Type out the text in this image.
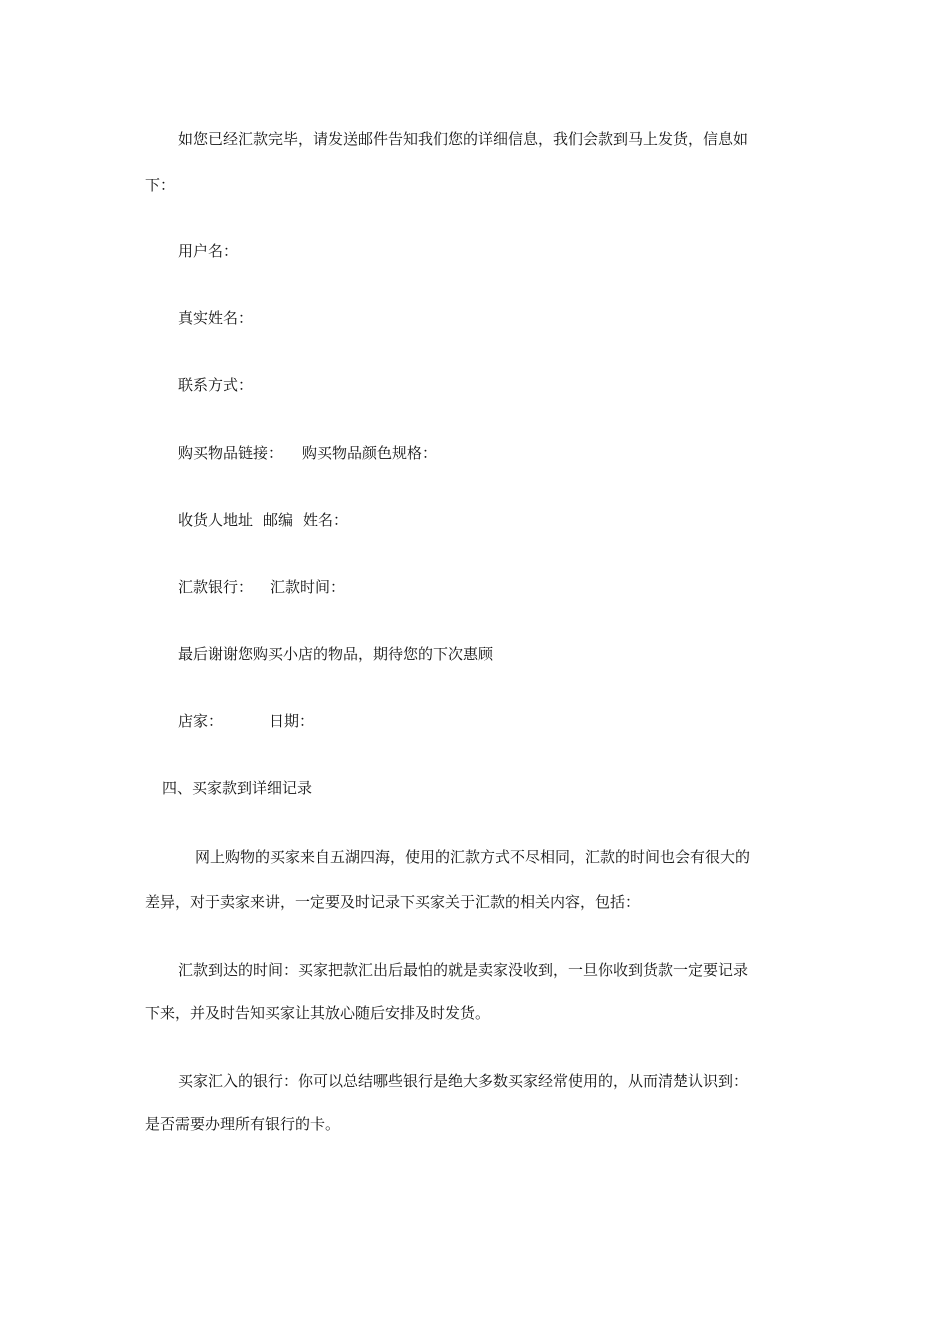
如您已经汇款完毕，请发送邮件告知我们您的详细信息，我们会款到马上发货，信息如
下：
用户名：
真实姓名：
联系方式：
购买物品链接： 购买物品颜色规格：
收货人地址 邮编 姓名：
汇款银行： 汇款时间：
最后谢谢您购买小店的物品，期待您的下次惠顾
店家：	日期：
四、买家款到详细记录
网上购物的买家来自五湖四海，使用的汇款方式不尽相同，汇款的时间也会有很大的
差异，对于卖家来讲，一定要及时记录下买家关于汇款的相关内容，包括：
汇款到达的时间：买家把款汇出后最怕的就是卖家没收到，一旦你收到货款一定要记录
下来，并及时告知买家让其放心随后安排及时发货。
买家汇入的银行：你可以总结哪些银行是绝大多数买家经常使用的，从而清楚认识到：
是否需要办理所有银行的卡。
